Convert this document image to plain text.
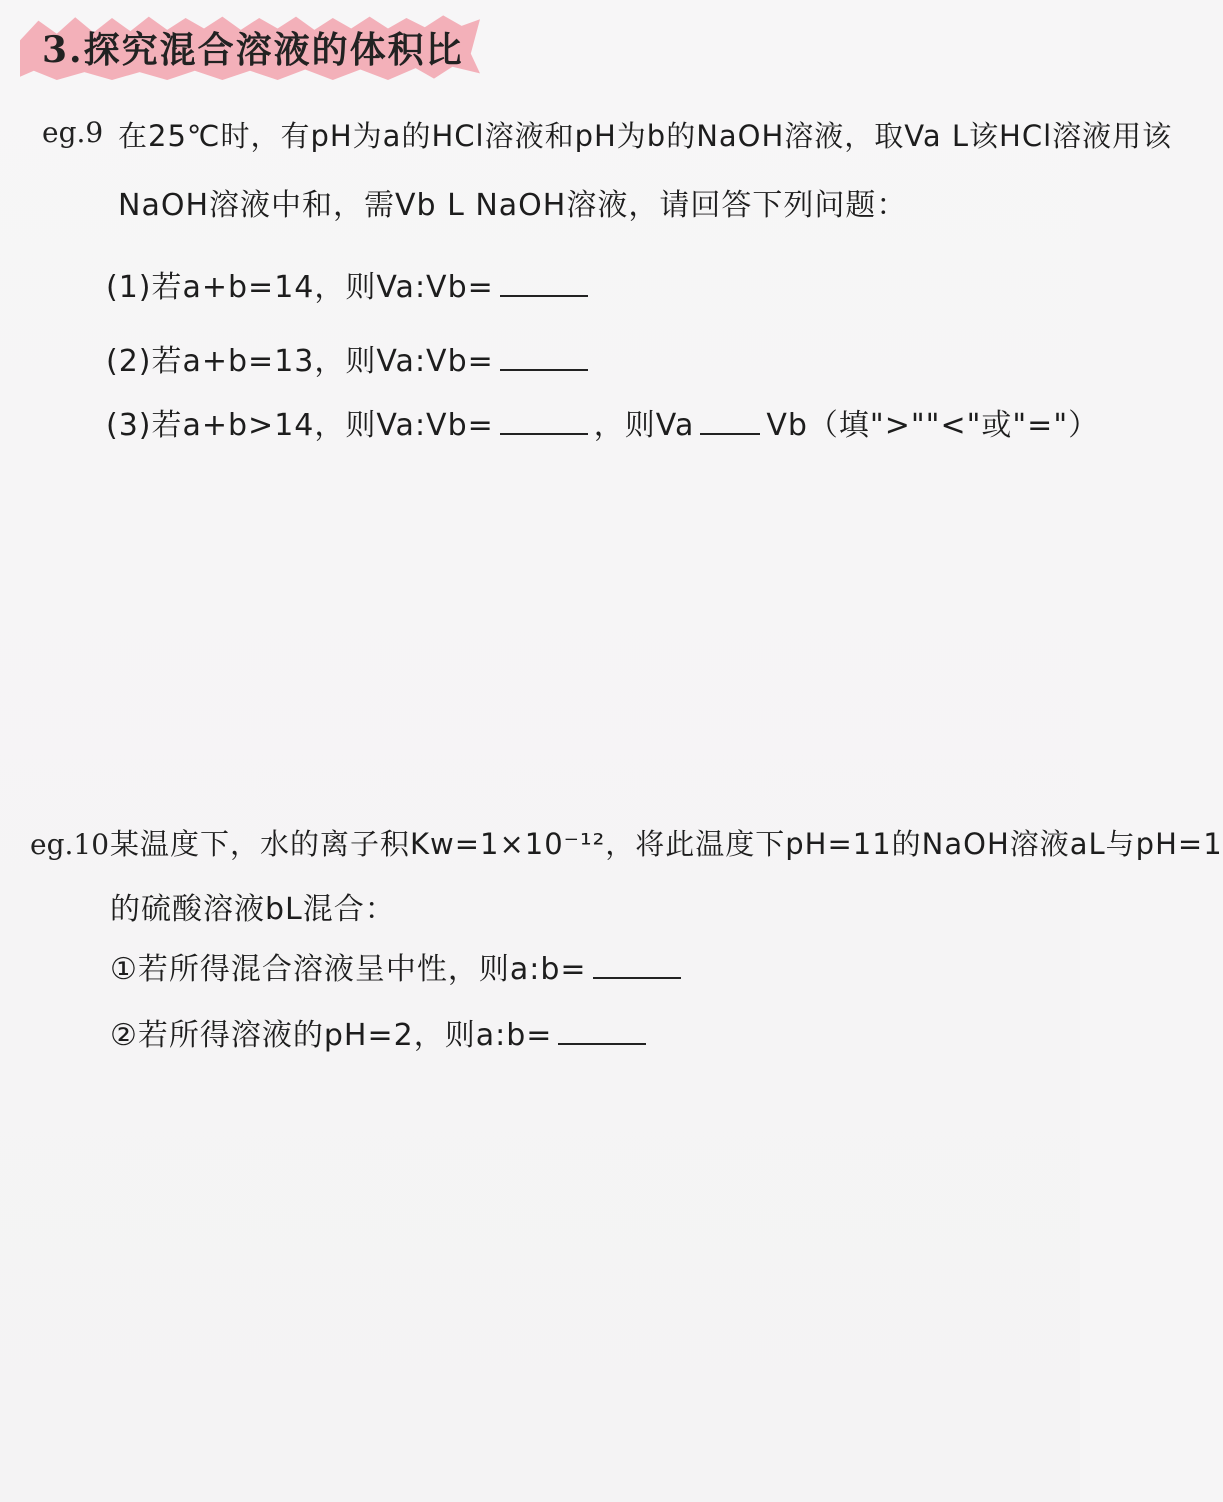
3.探究混合溶液的体积比
eg.9 在25℃时，有pH为a的HCl溶液和pH为b的NaOH溶液，取Va L该HCl溶液用该
NaOH溶液中和，需Vb L NaOH溶液，请回答下列问题：
(1)若a+b=14，则Va:Vb=
(2)若a+b=13，则Va:Vb=
(3)若a+b>14，则Va:Vb=	，则Va Vb（填">""<"或"="）
eg.10 某温度下，水的离子积Kw=1×10⁻¹²，将此温度下pH=11的NaOH溶液aL与pH=1
的硫酸溶液bL混合：
①若所得混合溶液呈中性，则a:b=
②若所得溶液的pH=2，则a:b=
